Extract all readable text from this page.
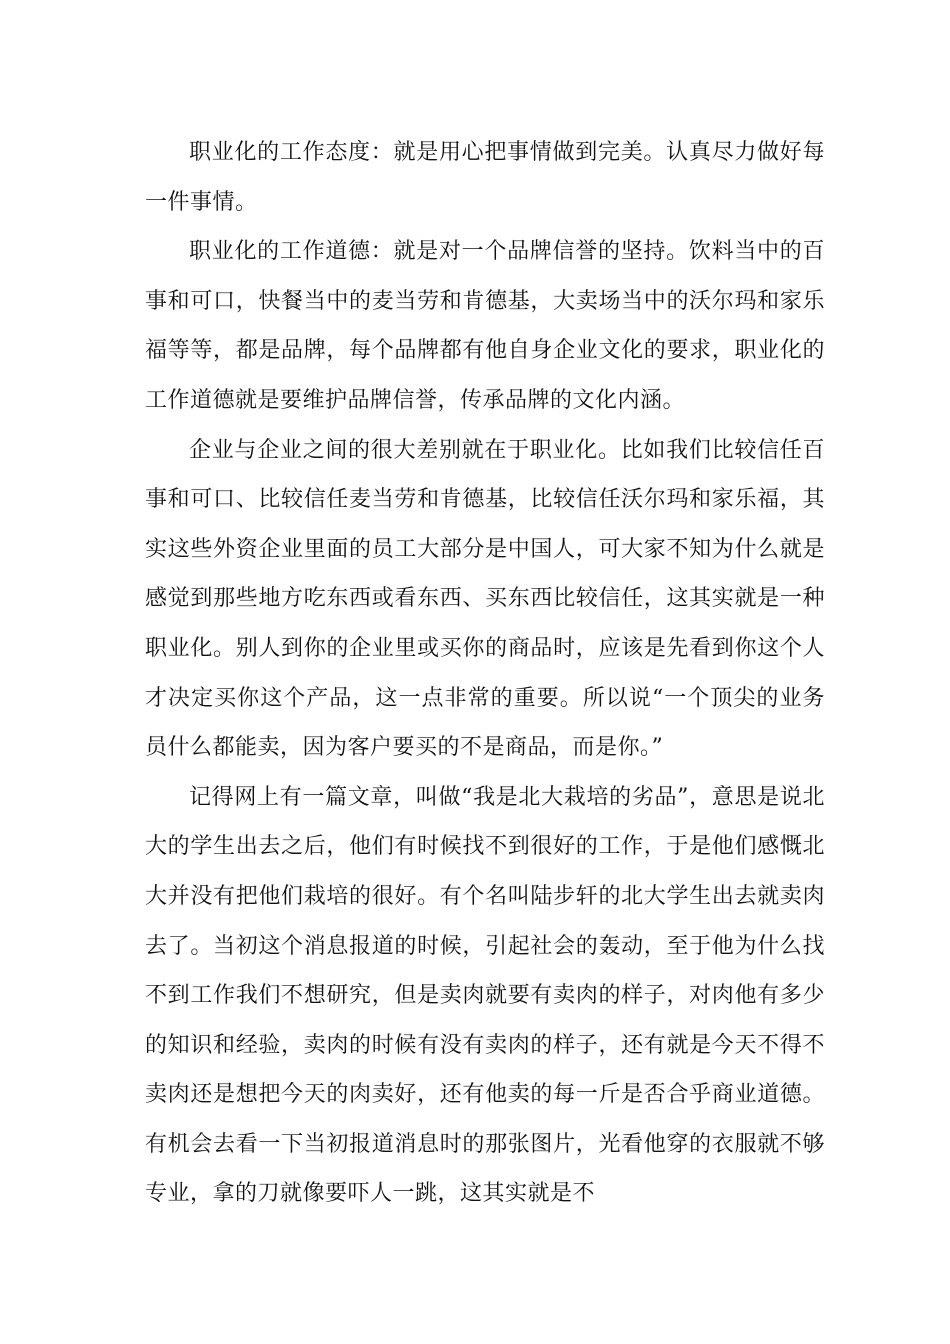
职业化的工作态度：就是用心把事情做到完美。认真尽力做好每一件事情。

职业化的工作道德：就是对一个品牌信誉的坚持。饮料当中的百事和可口，快餐当中的麦当劳和肯德基，大卖场当中的沃尔玛和家乐福等等，都是品牌，每个品牌都有他自身企业文化的要求，职业化的工作道德就是要维护品牌信誉，传承品牌的文化内涵。

企业与企业之间的很大差别就在于职业化。比如我们比较信任百事和可口、比较信任麦当劳和肯德基，比较信任沃尔玛和家乐福，其实这些外资企业里面的员工大部分是中国人，可大家不知为什么就是感觉到那些地方吃东西或看东西、买东西比较信任，这其实就是一种职业化。别人到你的企业里或买你的商品时，应该是先看到你这个人才决定买你这个产品，这一点非常的重要。所以说“一个顶尖的业务员什么都能卖，因为客户要买的不是商品，而是你。”

记得网上有一篇文章，叫做“我是北大栽培的劣品”，意思是说北大的学生出去之后，他们有时候找不到很好的工作，于是他们感慨北大并没有把他们栽培的很好。有个名叫陆步轩的北大学生出去就卖肉去了。当初这个消息报道的时候，引起社会的轰动，至于他为什么找不到工作我们不想研究，但是卖肉就要有卖肉的样子，对肉他有多少的知识和经验，卖肉的时候有没有卖肉的样子，还有就是今天不得不卖肉还是想把今天的肉卖好，还有他卖的每一斤是否合乎商业道德。有机会去看一下当初报道消息时的那张图片，光看他穿的衣服就不够专业，拿的刀就像要吓人一跳，这其实就是不
